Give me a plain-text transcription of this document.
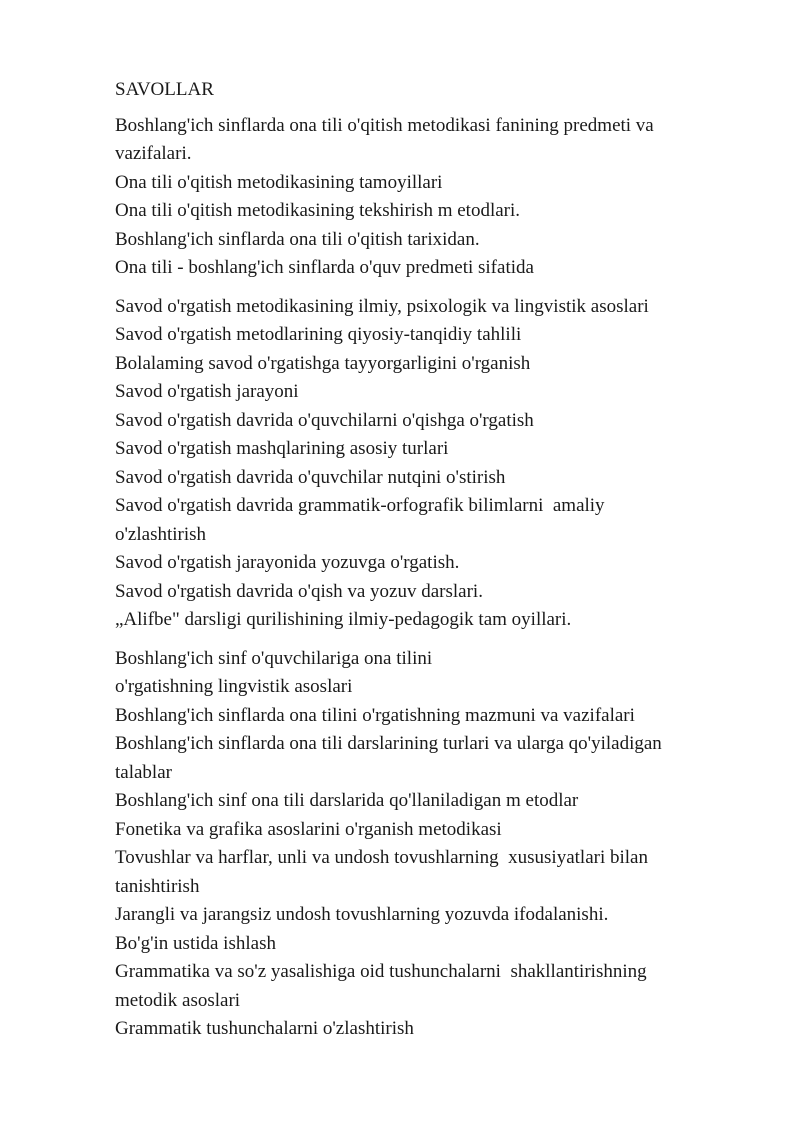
SAVOLLAR
Boshlang'ich sinflarda ona tili o'qitish metodikasi fanining predmeti va
vazifalari.
Ona tili o'qitish metodikasining tamoyillari
Ona tili o'qitish metodikasining tekshirish m etodlari.
Boshlang'ich sinflarda ona tili o'qitish tarixidan.
Ona tili - boshlang'ich sinflarda o'quv predmeti sifatida
Savod o'rgatish metodikasining ilmiy, psixologik va lingvistik asoslari
Savod o'rgatish metodlarining qiyosiy-tanqidiy tahlili
Bolalaming savod o'rgatishga tayyorgarligini o'rganish
Savod o'rgatish jarayoni
Savod o'rgatish davrida o'quvchilarni o'qishga o'rgatish
Savod o'rgatish mashqlarining asosiy turlari
Savod o'rgatish davrida o'quvchilar nutqini o'stirish
Savod o'rgatish davrida grammatik-orfografik bilimlarni  amaliy
o'zlashtirish
Savod o'rgatish jarayonida yozuvga o'rgatish.
Savod o'rgatish davrida o'qish va yozuv darslari.
„Alifbe" darsligi qurilishining ilmiy-pedagogik tam oyillari.
Boshlang'ich sinf o'quvchilariga ona tilini
o'rgatishning lingvistik asoslari
Boshlang'ich sinflarda ona tilini o'rgatishning mazmuni va vazifalari
Boshlang'ich sinflarda ona tili darslarining turlari va ularga qo'yiladigan
talablar
Boshlang'ich sinf ona tili darslarida qo'llaniladigan m etodlar
Fonetika va grafika asoslarini o'rganish metodikasi
Tovushlar va harflar, unli va undosh tovushlarning  xususiyatlari bilan
tanishtirish
Jarangli va jarangsiz undosh tovushlarning yozuvda ifodalanishi.
Bo'g'in ustida ishlash
Grammatika va so'z yasalishiga oid tushunchalarni  shakllantirishning
metodik asoslari
Grammatik tushunchalarni o'zlashtirish
